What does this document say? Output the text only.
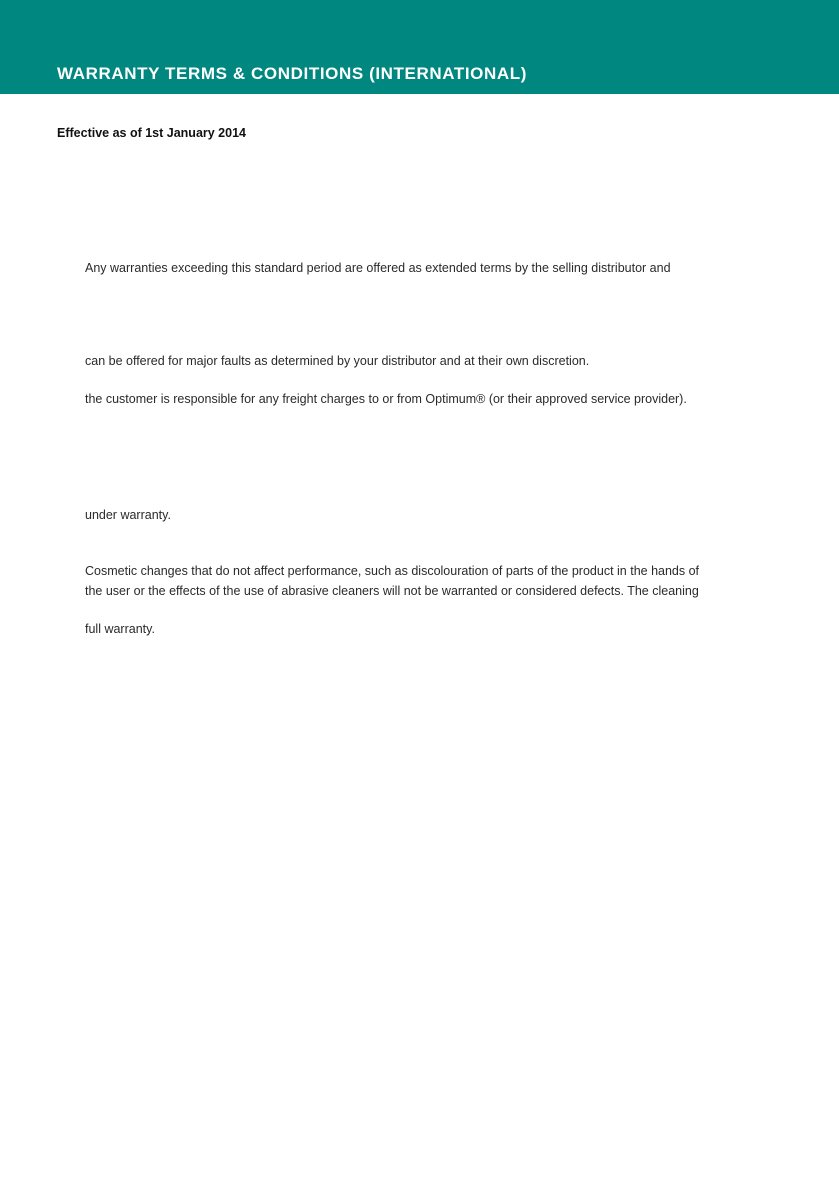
WARRANTY TERMS & CONDITIONS (INTERNATIONAL)

Effective as of 1st January 2014

Any warranties exceeding this standard period are offered as extended terms by the selling distributor and

can be offered for major faults as determined by your distributor and at their own discretion.

the customer is responsible for any freight charges to or from Optimum® (or their approved service provider).

under warranty.

Cosmetic changes that do not affect performance, such as discolouration of parts of the product in the hands of

the user or the effects of the use of abrasive cleaners will not be warranted or considered defects. The cleaning

full warranty.
